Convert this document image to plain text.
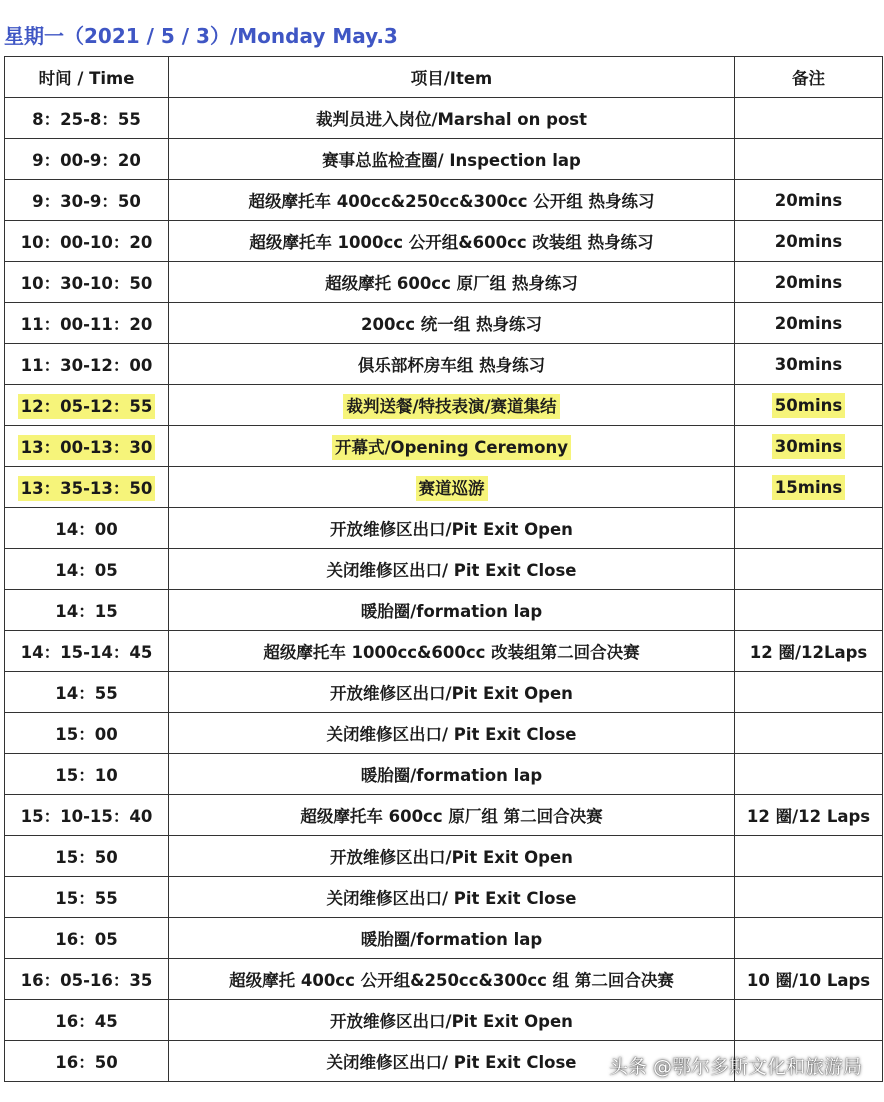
星期一（2021 / 5 / 3）/Monday May.3
时间 / Time	项目/Item	备注
8：25-8：55	裁判员进入岗位/Marshal on post	
9：00-9：20	赛事总监检查圈/ Inspection lap	
9：30-9：50	超级摩托车 400cc&250cc&300cc 公开组 热身练习	20mins
10：00-10：20	超级摩托车 1000cc 公开组&600cc 改装组 热身练习	20mins
10：30-10：50	超级摩托 600cc 原厂组 热身练习	20mins
11：00-11：20	200cc 统一组 热身练习	20mins
11：30-12：00	俱乐部杯房车组 热身练习	30mins
12：05-12：55	裁判送餐/特技表演/赛道集结	50mins
13：00-13：30	开幕式/Opening Ceremony	30mins
13：35-13：50	赛道巡游	15mins
14：00	开放维修区出口/Pit Exit Open	
14：05	关闭维修区出口/ Pit Exit Close	
14：15	暖胎圈/formation lap	
14：15-14：45	超级摩托车 1000cc&600cc 改装组第二回合决赛	12 圈/12Laps
14：55	开放维修区出口/Pit Exit Open	
15：00	关闭维修区出口/ Pit Exit Close	
15：10	暖胎圈/formation lap	
15：10-15：40	超级摩托车 600cc 原厂组 第二回合决赛	12 圈/12 Laps
15：50	开放维修区出口/Pit Exit Open	
15：55	关闭维修区出口/ Pit Exit Close	
16：05	暖胎圈/formation lap	
16：05-16：35	超级摩托 400cc 公开组&250cc&300cc 组 第二回合决赛	10 圈/10 Laps
16：45	开放维修区出口/Pit Exit Open	
16：50	关闭维修区出口/ Pit Exit Close	头条 @鄂尔多斯文化和旅游局
